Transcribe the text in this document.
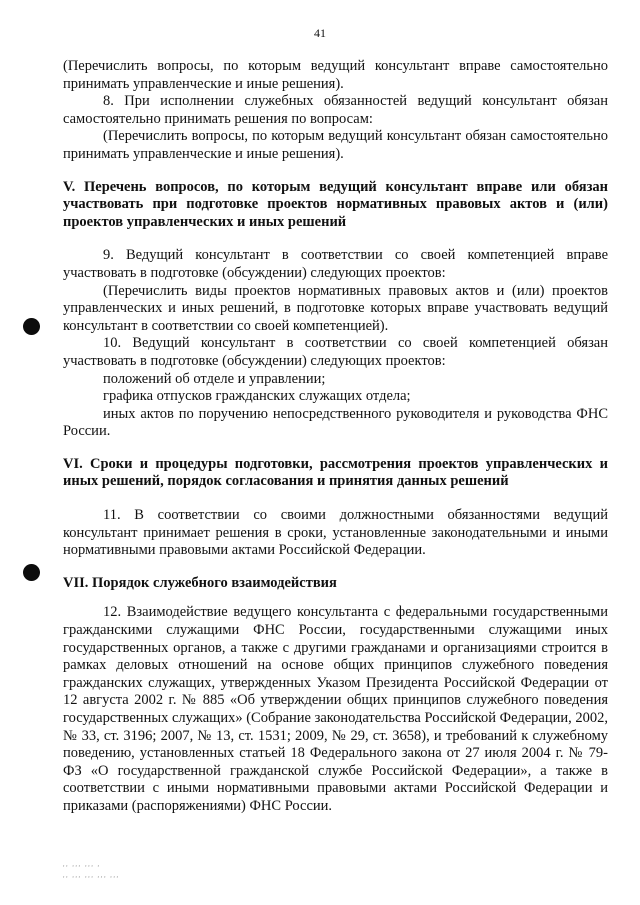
41

(Перечислить вопросы, по которым ведущий консультант вправе самостоятельно принимать управленческие и иные решения).

8. При исполнении служебных обязанностей ведущий консультант обязан самостоятельно принимать решения по вопросам:

(Перечислить вопросы, по которым ведущий консультант обязан самостоятельно принимать управленческие и иные решения).

V. Перечень вопросов, по которым ведущий консультант вправе или обязан участвовать при подготовке проектов нормативных правовых актов и (или) проектов управленческих и иных решений

9. Ведущий консультант в соответствии со своей компетенцией вправе участвовать в подготовке (обсуждении) следующих проектов:

(Перечислить виды проектов нормативных правовых актов и (или) проектов управленческих и иных решений, в подготовке которых вправе участвовать ведущий консультант в соответствии со своей компетенцией).

10. Ведущий консультант в соответствии со своей компетенцией обязан участвовать в подготовке (обсуждении) следующих проектов:

положений об отделе и управлении;

графика отпусков гражданских служащих отдела;

иных актов по поручению непосредственного руководителя и руководства ФНС России.

VI. Сроки и процедуры подготовки, рассмотрения проектов управленческих и иных решений, порядок согласования и принятия данных решений

11. В соответствии со своими должностными обязанностями ведущий консультант принимает решения в сроки, установленные законодательными и иными нормативными правовыми актами Российской Федерации.

VII. Порядок служебного взаимодействия

12. Взаимодействие ведущего консультанта с федеральными государственными гражданскими служащими ФНС России, государственными служащими иных государственных органов, а также с другими гражданами и организациями строится в рамках деловых отношений на основе общих принципов служебного поведения гражданских служащих, утвержденных Указом Президента Российской Федерации от 12 августа 2002 г. № 885 «Об утверждении общих принципов служебного поведения государственных служащих» (Собрание законодательства Российской Федерации, 2002, № 33, ст. 3196; 2007, № 13, ст. 1531; 2009, № 29, ст. 3658), и требований к служебному поведению, установленных статьей 18 Федерального закона от 27 июля 2004 г. № 79-ФЗ «О государственной гражданской службе Российской Федерации», а также в соответствии с иными нормативными правовыми актами Российской Федерации и приказами (распоряжениями) ФНС России.

·· ··· ··· ·
·· ··· ··· ··· ···
